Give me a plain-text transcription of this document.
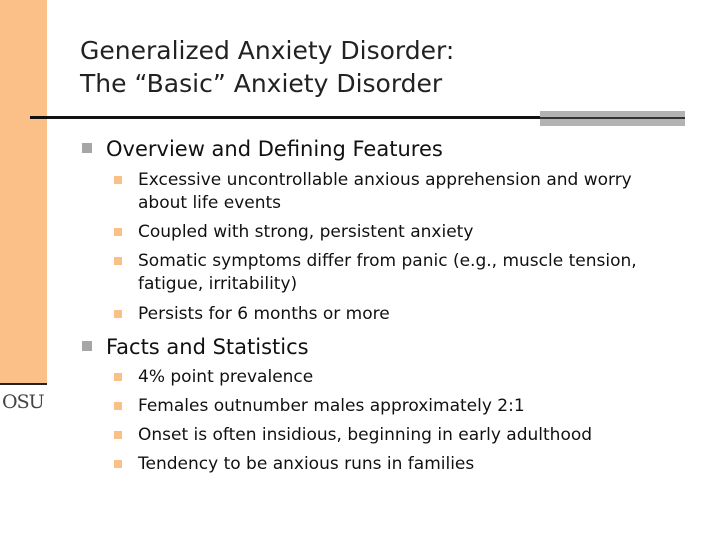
OSU
Generalized Anxiety Disorder:
The “Basic” Anxiety Disorder
Overview and Defining Features
Excessive uncontrollable anxious apprehension and worry about life events
Coupled with strong, persistent anxiety
Somatic symptoms differ from panic (e.g., muscle tension, fatigue, irritability)
Persists for 6 months or more
Facts and Statistics
4% point prevalence
Females outnumber males approximately 2:1
Onset is often insidious, beginning in early adulthood
Tendency to be anxious runs in families
